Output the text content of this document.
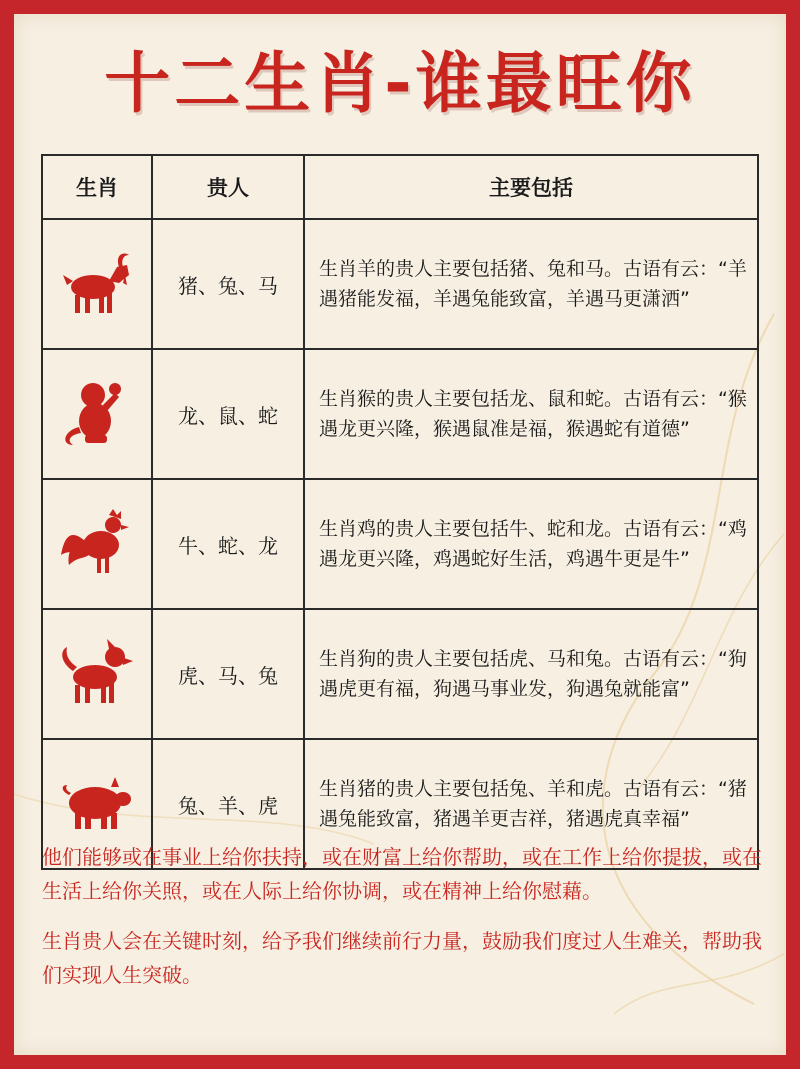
十二生肖-谁最旺你
生肖	贵人	主要包括
	猪、兔、马	生肖羊的贵人主要包括猪、兔和马。古语有云：“羊遇猪能发福，羊遇兔能致富，羊遇马更潇洒”
	龙、鼠、蛇	生肖猴的贵人主要包括龙、鼠和蛇。古语有云：“猴遇龙更兴隆，猴遇鼠准是福，猴遇蛇有道德”
	牛、蛇、龙	生肖鸡的贵人主要包括牛、蛇和龙。古语有云：“鸡遇龙更兴隆，鸡遇蛇好生活，鸡遇牛更是牛”
	虎、马、兔	生肖狗的贵人主要包括虎、马和兔。古语有云：“狗遇虎更有福，狗遇马事业发，狗遇兔就能富”
	兔、羊、虎	生肖猪的贵人主要包括兔、羊和虎。古语有云：“猪遇兔能致富，猪遇羊更吉祥，猪遇虎真幸福”
他们能够或在事业上给你扶持，或在财富上给你帮助，或在工作上给你提拔，或在生活上给你关照，或在人际上给你协调，或在精神上给你慰藉。
生肖贵人会在关键时刻，给予我们继续前行力量，鼓励我们度过人生难关，帮助我们实现人生突破。
